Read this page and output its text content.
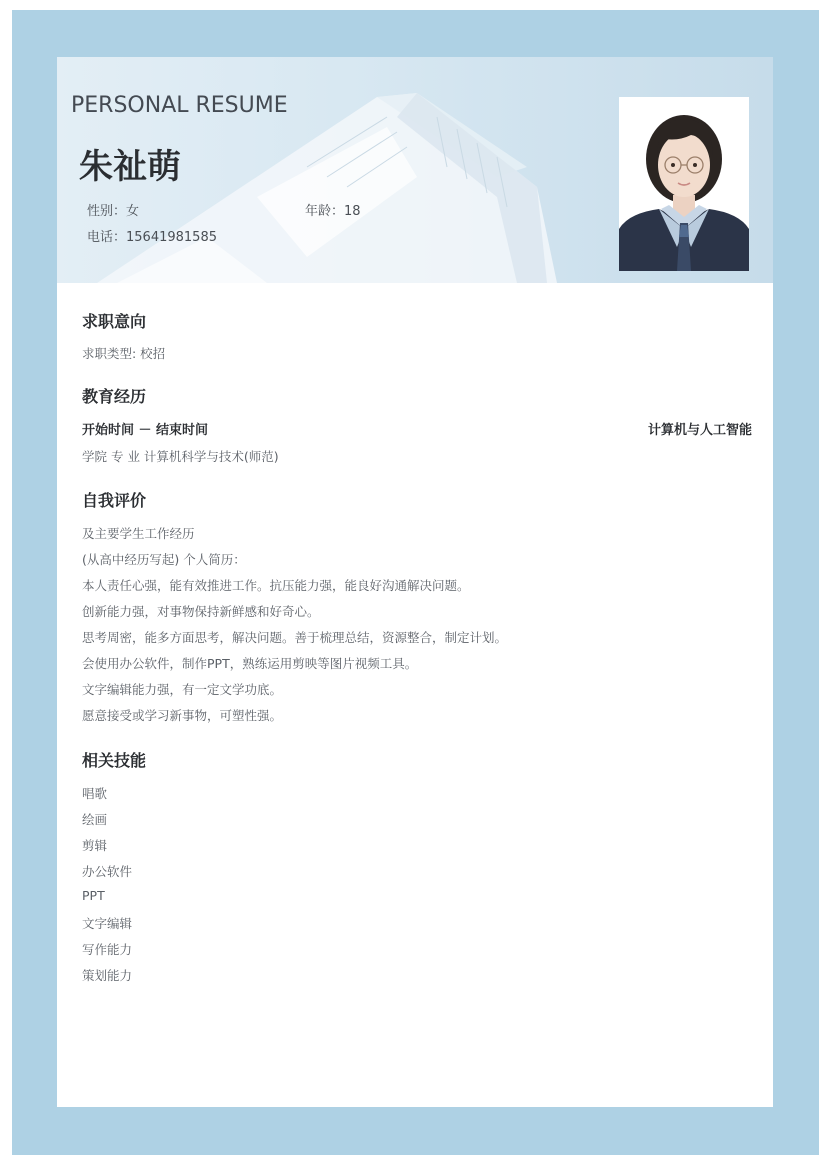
PERSONAL RESUME
朱祉萌
性别：女	年龄：18
电话：15641981585
求职意向
求职类型: 校招
教育经历
开始时间 － 结束时间	计算机与人工智能
学院 专 业 计算机科学与技术(师范)
自我评价
及主要学生工作经历
(从高中经历写起) 个人简历：
本人责任心强，能有效推进工作。抗压能力强，能良好沟通解决问题。
创新能力强，对事物保持新鲜感和好奇心。
思考周密，能多方面思考，解决问题。善于梳理总结，资源整合，制定计划。
会使用办公软件，制作PPT，熟练运用剪映等图片视频工具。
文字编辑能力强，有一定文学功底。
愿意接受或学习新事物，可塑性强。
相关技能
唱歌
绘画
剪辑
办公软件
PPT
文字编辑
写作能力
策划能力
